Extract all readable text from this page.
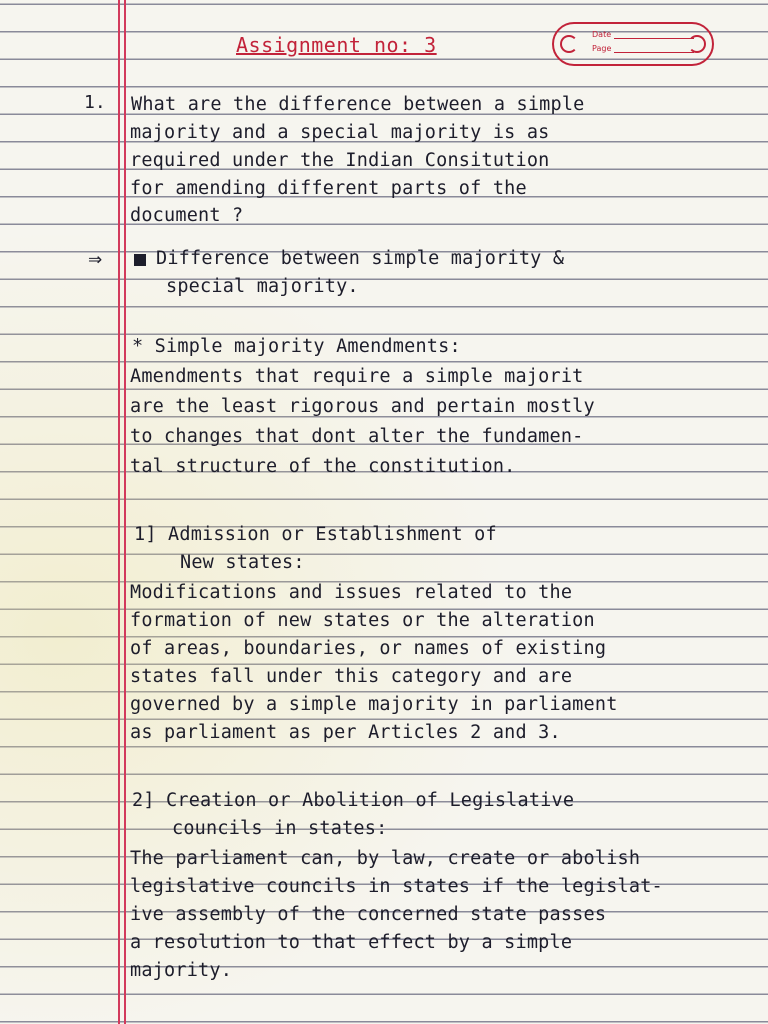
Assignment no: 3	Date
Page
1. What are the difference between a simple
majority and a special majority is as
required under the Indian Consitution
for amending different parts of the
document ?
⇒	Difference between simple majority &
special majority.
* Simple majority Amendments:
Amendments that require a simple majorit
are the least rigorous and pertain mostly
to changes that dont alter the fundamen-
tal structure of the constitution.
1] Admission or Establishment of
New states:
Modifications and issues related to the
formation of new states or the alteration
of areas, boundaries, or names of existing
states fall under this category and are
governed by a simple majority in parliament
as parliament as per Articles 2 and 3.
2] Creation or Abolition of Legislative
councils in states:
The parliament can, by law, create or abolish
legislative councils in states if the legislat-
ive assembly of the concerned state passes
a resolution to that effect by a simple
majority.
